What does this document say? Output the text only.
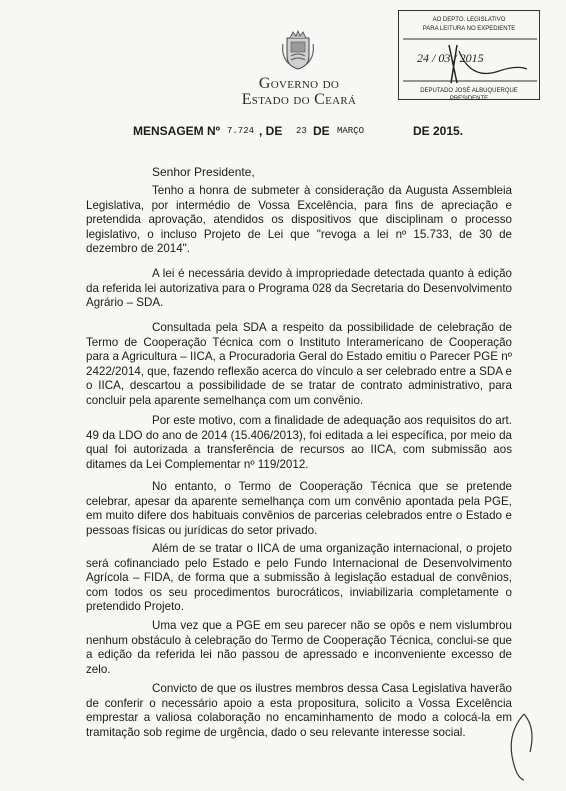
Governo do
Estado do Ceará
AO DEPTO. LEGISLATIVO
PARA LEITURA NO EXPEDIENTE
24 / 03 / 2015
DEPUTADO JOSÉ ALBUQUERQUE
PRESIDENTE
MENSAGEM Nº 7.724 , DE 23 DE MARÇO	DE 2015.
Senhor Presidente,

Tenho a honra de submeter à consideração da Augusta Assembleia Legislativa, por intermédio de Vossa Excelência, para fins de apreciação e pretendida aprovação, atendidos os dispositivos que disciplinam o processo legislativo, o incluso Projeto de Lei que "revoga a lei nº 15.733, de 30 de dezembro de 2014".

A lei é necessária devido à impropriedade detectada quanto à edição da referida lei autorizativa para o Programa 028 da Secretaria do Desenvolvimento Agrário – SDA.

Consultada pela SDA a respeito da possibilidade de celebração de Termo de Cooperação Técnica com o Instituto Interamericano de Cooperação para a Agricultura – IICA, a Procuradoria Geral do Estado emitiu o Parecer PGE nº 2422/2014, que, fazendo reflexão acerca do vínculo a ser celebrado entre a SDA e o IICA, descartou a possibilidade de se tratar de contrato administrativo, para concluir pela aparente semelhança com um convênio.

Por este motivo, com a finalidade de adequação aos requisitos do art. 49 da LDO do ano de 2014 (15.406/2013), foi editada a lei específica, por meio da qual foi autorizada a transferência de recursos ao IICA, com submissão aos ditames da Lei Complementar nº 119/2012.

No entanto, o Termo de Cooperação Técnica que se pretende celebrar, apesar da aparente semelhança com um convênio apontada pela PGE, em muito difere dos habituais convênios de parcerias celebrados entre o Estado e pessoas físicas ou jurídicas do setor privado.

Além de se tratar o IICA de uma organização internacional, o projeto será cofinanciado pelo Estado e pelo Fundo Internacional de Desenvolvimento Agrícola – FIDA, de forma que a submissão à legislação estadual de convênios, com todos os seu procedimentos burocráticos, inviabilizaria completamente o pretendido Projeto.

Uma vez que a PGE em seu parecer não se opôs e nem vislumbrou nenhum obstáculo à celebração do Termo de Cooperação Técnica, conclui-se que a edição da referida lei não passou de apressado e inconveniente excesso de zelo.

Convicto de que os ilustres membros dessa Casa Legislativa haverão de conferir o necessário apoio a esta propositura, solicito a Vossa Excelência emprestar a valiosa colaboração no encaminhamento de modo a colocá-la em tramitação sob regime de urgência, dado o seu relevante interesse social.
